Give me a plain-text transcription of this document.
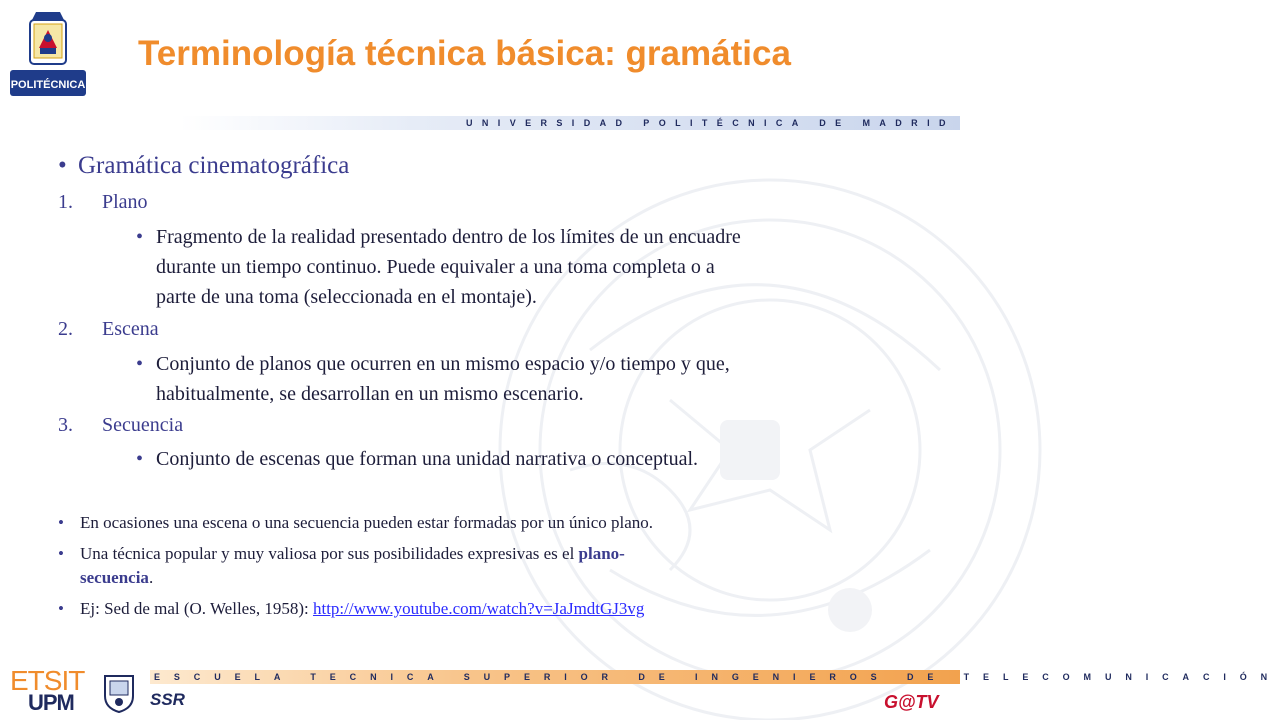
POLITÉCNICA
Terminología técnica básica: gramática
UNIVERSIDAD POLITÉCNICA DE MADRID
• Gramática cinematográfica
1. Plano
• Fragmento de la realidad presentado dentro de los límites de un encuadre
durante un tiempo continuo. Puede equivaler a una toma completa o a
parte de una toma (seleccionada en el montaje).
2. Escena
• Conjunto de planos que ocurren en un mismo espacio y/o tiempo y que,
habitualmente, se desarrollan en un mismo escenario.
3. Secuencia
• Conjunto de escenas que forman una unidad narrativa o conceptual.
• En ocasiones una escena o una secuencia pueden estar formadas por un único plano.
• Una técnica popular y muy valiosa por sus posibilidades expresivas es el plano-
secuencia.
• Ej: Sed de mal (O. Welles, 1958): http://www.youtube.com/watch?v=JaJmdtGJ3vg
ESCUELA TECNICA SUPERIOR DE INGENIEROS DE TELECOMUNICACIÓN
ETSIT
UPM	SSR	G@TV
